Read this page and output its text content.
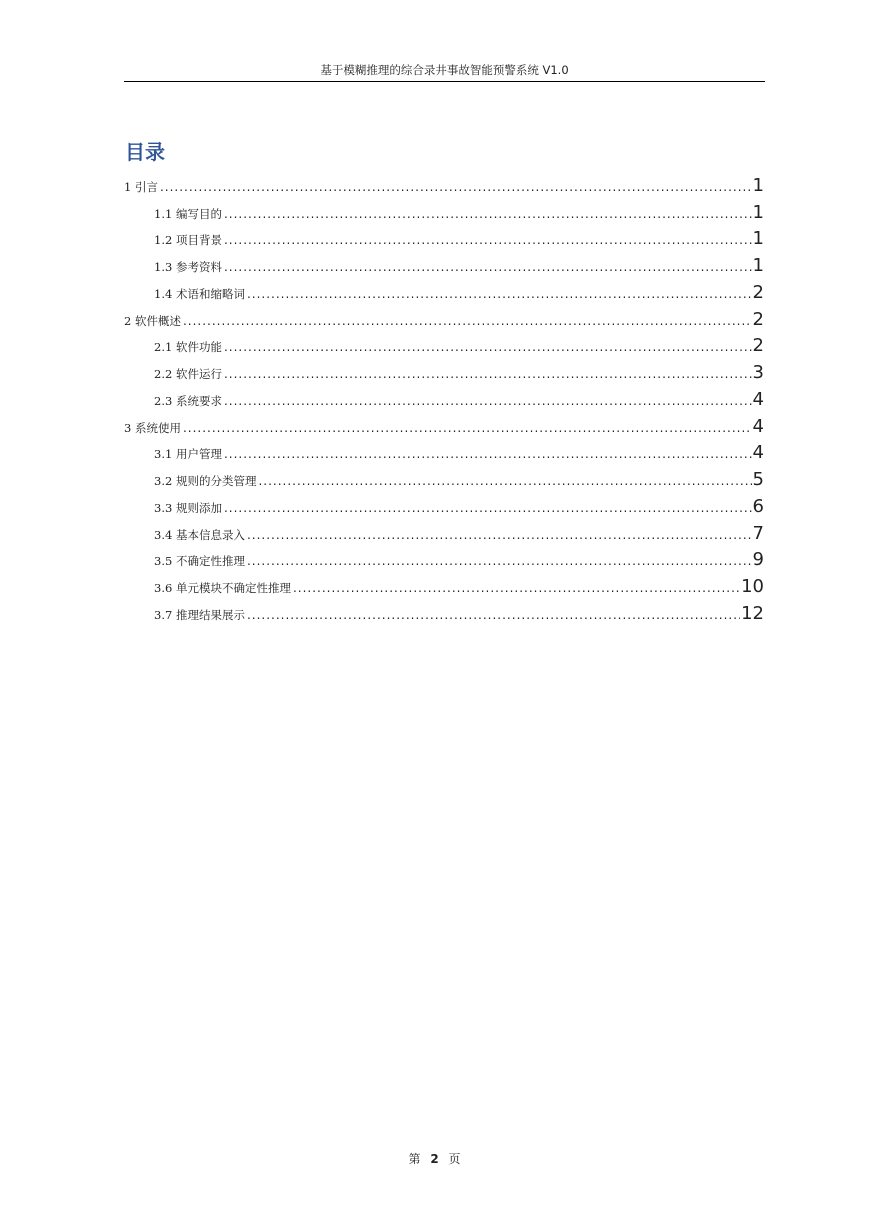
基于模糊推理的综合录井事故智能预警系统 V1.0
目录
1 引言 .....	1
1.1 编写目的 .....	1
1.2 项目背景 .....	1
1.3 参考资料 .....	1
1.4 术语和缩略词 .....	2
2 软件概述 .....	2
2.1 软件功能 .....	2
2.2 软件运行 .....	3
2.3 系统要求 .....	4
3 系统使用 .....	4
3.1 用户管理 .....	4
3.2 规则的分类管理 .....	5
3.3 规则添加 .....	6
3.4 基本信息录入 .....	7
3.5 不确定性推理 .....	9
3.6 单元模块不确定性推理 .....	10
3.7 推理结果展示 .....	12
第 2 页
